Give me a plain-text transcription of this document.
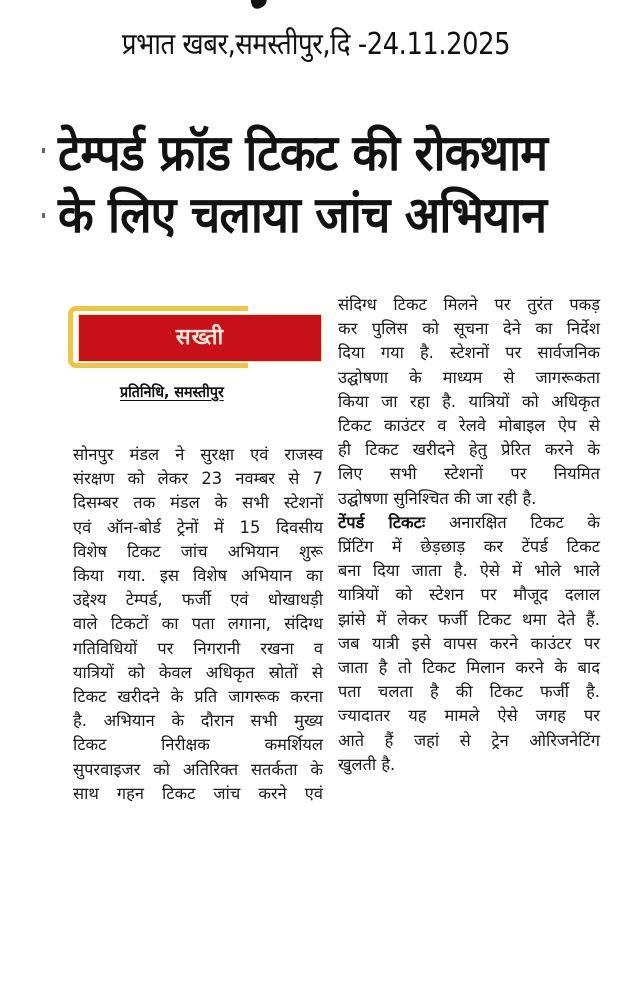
प्रभात खबर,समस्तीपुर,दि -24.11.2025
टेम्पर्ड फ्रॉड टिकट की रोकथाम
के लिए चलाया जांच अभियान
सख्ती
प्रतिनिधि, समस्तीपुर
सोनपुर मंडल ने सुरक्षा एवं राजस्व
संरक्षण को लेकर 23 नवम्बर से 7
दिसम्बर तक मंडल के सभी स्टेशनों
एवं ऑन-बोर्ड ट्रेनों में 15 दिवसीय
विशेष टिकट जांच अभियान शुरू
किया गया. इस विशेष अभियान का
उद्देश्य टेम्पर्ड, फर्जी एवं धोखाधड़ी
वाले टिकटों का पता लगाना, संदिग्ध
गतिविधियों पर निगरानी रखना व
यात्रियों को केवल अधिकृत स्रोतों से
टिकट खरीदने के प्रति जागरूक करना
है. अभियान के दौरान सभी मुख्य
टिकट निरीक्षक कमर्शियल
सुपरवाइजर को अतिरिक्त सतर्कता के
साथ गहन टिकट जांच करने एवं
संदिग्ध टिकट मिलने पर तुरंत पकड़
कर पुलिस को सूचना देने का निर्देश
दिया गया है. स्टेशनों पर सार्वजनिक
उद्घोषणा के माध्यम से जागरूकता
किया जा रहा है. यात्रियों को अधिकृत
टिकट काउंटर व रेलवे मोबाइल ऐप से
ही टिकट खरीदने हेतु प्रेरित करने के
लिए सभी स्टेशनों पर नियमित
उद्घोषणा सुनिश्चित की जा रही है.
टेंपर्ड टिकटः अनारक्षित टिकट के
प्रिंटिंग में छेड़छाड़ कर टेंपर्ड टिकट
बना दिया जाता है. ऐसे में भोले भाले
यात्रियों को स्टेशन पर मौजूद दलाल
झांसे में लेकर फर्जी टिकट थमा देते हैं.
जब यात्री इसे वापस करने काउंटर पर
जाता है तो टिकट मिलान करने के बाद
पता चलता है की टिकट फर्जी है.
ज्यादातर यह मामले ऐसे जगह पर
आते हैं जहां से ट्रेन ओरिजनेटिंग
खुलती है.
